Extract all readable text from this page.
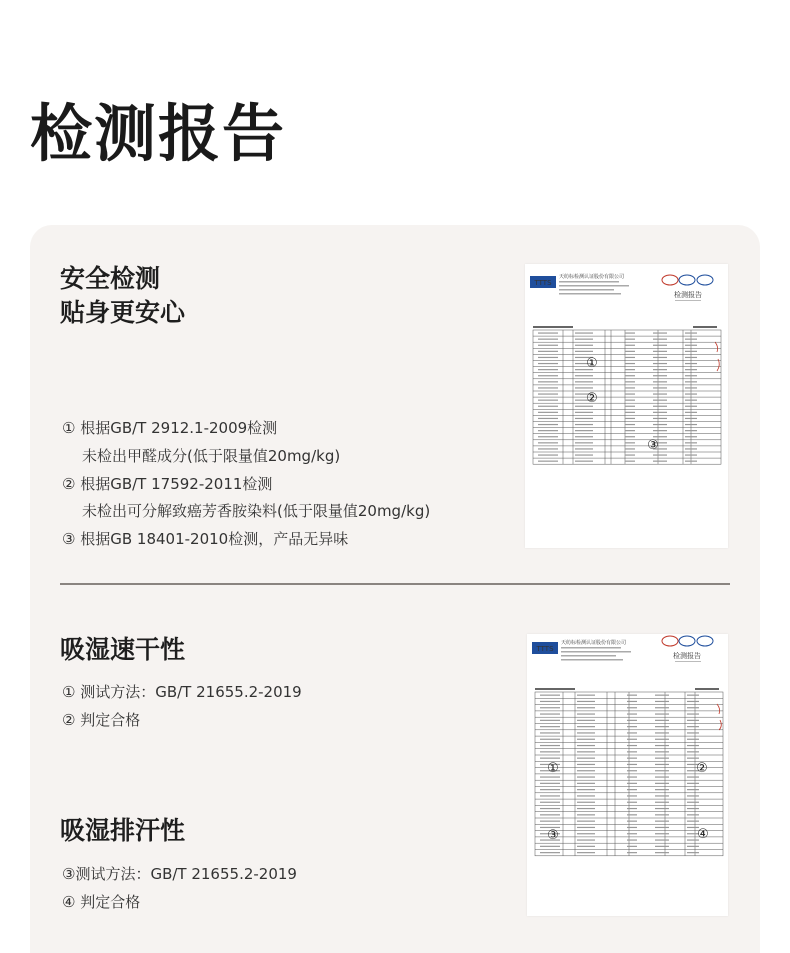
检测报告
安全检测
贴身更安心
① 根据GB/T 2912.1-2009检测
未检出甲醛成分(低于限量值20mg/kg)
② 根据GB/T 17592-2011检测
未检出可分解致癌芳香胺染料(低于限量值20mg/kg)
③ 根据GB 18401-2010检测，产品无异味
TTTS
天纺标检测认证股份有限公司
检测报告
①
②
③
吸湿速干性
① 测试方法：GB/T 21655.2-2019
② 判定合格
吸湿排汗性
③测试方法：GB/T 21655.2-2019
④ 判定合格
TTTS
天纺标检测认证股份有限公司
检测报告
①	②
③	④
